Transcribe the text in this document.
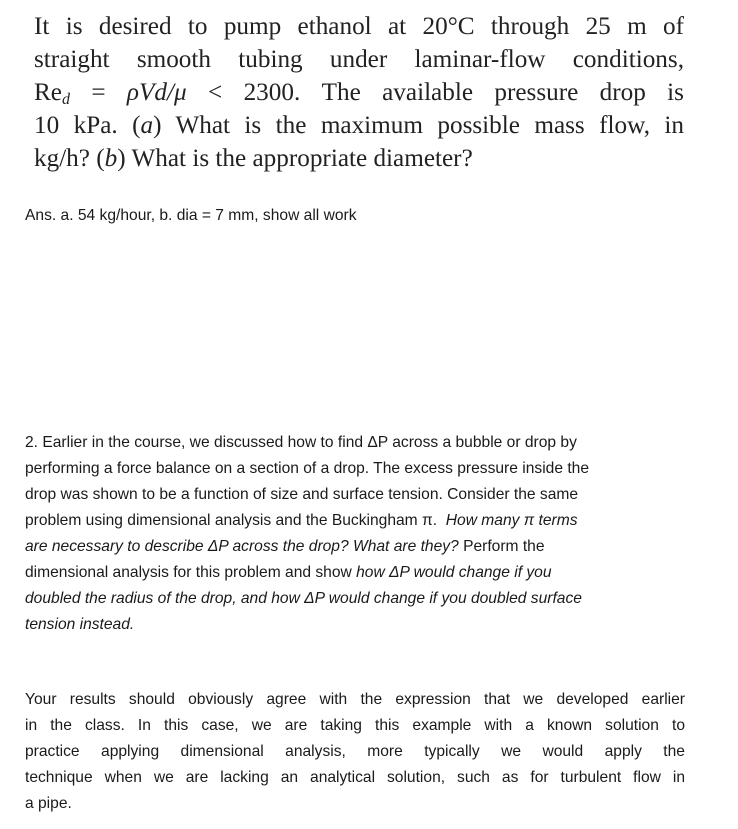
It is desired to pump ethanol at 20°C through 25 m of
straight smooth tubing under laminar-flow conditions,
$Re_d = \rho Vd/\mu < 2300$. The available pressure drop is
10 kPa. (a) What is the maximum possible mass flow, in
kg/h? (b) What is the appropriate diameter?
Ans. a. 54 kg/hour, b. dia = 7 mm, show all work
2. Earlier in the course, we discussed how to find ΔP across a bubble or drop by
performing a force balance on a section of a drop. The excess pressure inside the
drop was shown to be a function of size and surface tension. Consider the same
problem using dimensional analysis and the Buckingham π.  How many π terms
are necessary to describe ΔP across the drop? What are they? Perform the
dimensional analysis for this problem and show how ΔP would change if you
doubled the radius of the drop, and how ΔP would change if you doubled surface
tension instead.
Your results should obviously agree with the expression that we developed earlier
in the class. In this case, we are taking this example with a known solution to
practice applying dimensional analysis, more typically we would apply the
technique when we are lacking an analytical solution, such as for turbulent flow in
a pipe.
